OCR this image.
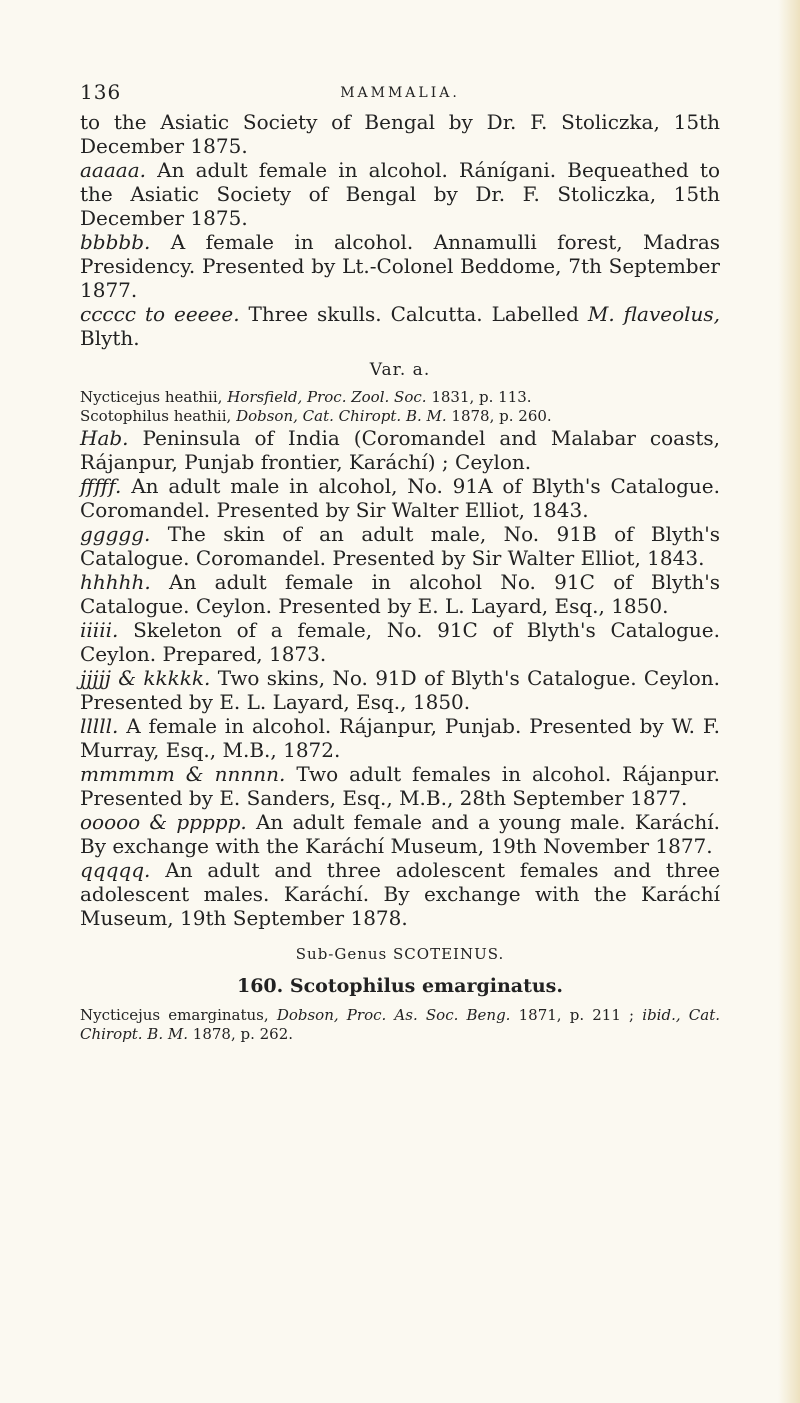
136	MAMMALIA.

to the Asiatic Society of Bengal by Dr. F. Stoliczka, 15th December 1875.

aaaaa. An adult female in alcohol. Ránígani. Bequeathed to the Asiatic Society of Bengal by Dr. F. Stoliczka, 15th December 1875.

bbbbb. A female in alcohol. Annamulli forest, Madras Presidency. Presented by Lt.-Colonel Beddome, 7th September 1877.

ccccc to eeeee. Three skulls. Calcutta. Labelled M. flaveolus, Blyth.

Var. a.

Nycticejus heathii, Horsfield, Proc. Zool. Soc. 1831, p. 113.

Scotophilus heathii, Dobson, Cat. Chiropt. B. M. 1878, p. 260.

Hab. Peninsula of India (Coromandel and Malabar coasts, Rájanpur, Punjab frontier, Karáchí) ; Ceylon.

fffff. An adult male in alcohol, No. 91A of Blyth's Catalogue. Coromandel. Presented by Sir Walter Elliot, 1843.

ggggg. The skin of an adult male, No. 91B of Blyth's Catalogue. Coromandel. Presented by Sir Walter Elliot, 1843.

hhhhh. An adult female in alcohol No. 91C of Blyth's Catalogue. Ceylon. Presented by E. L. Layard, Esq., 1850.

iiiii. Skeleton of a female, No. 91C of Blyth's Catalogue. Ceylon. Prepared, 1873.

jjjjj & kkkkk. Two skins, No. 91D of Blyth's Catalogue. Ceylon. Presented by E. L. Layard, Esq., 1850.

lllll. A female in alcohol. Rájanpur, Punjab. Presented by W. F. Murray, Esq., M.B., 1872.

mmmmm & nnnnn. Two adult females in alcohol. Rájanpur. Presented by E. Sanders, Esq., M.B., 28th September 1877.

ooooo & ppppp. An adult female and a young male. Karáchí. By exchange with the Karáchí Museum, 19th November 1877.

qqqqq. An adult and three adolescent females and three adolescent males. Karáchí. By exchange with the Karáchí Museum, 19th September 1878.

Sub-Genus SCOTEINUS.
160. Scotophilus emarginatus.

Nycticejus emarginatus, Dobson, Proc. As. Soc. Beng. 1871, p. 211 ; ibid., Cat. Chiropt. B. M. 1878, p. 262.
